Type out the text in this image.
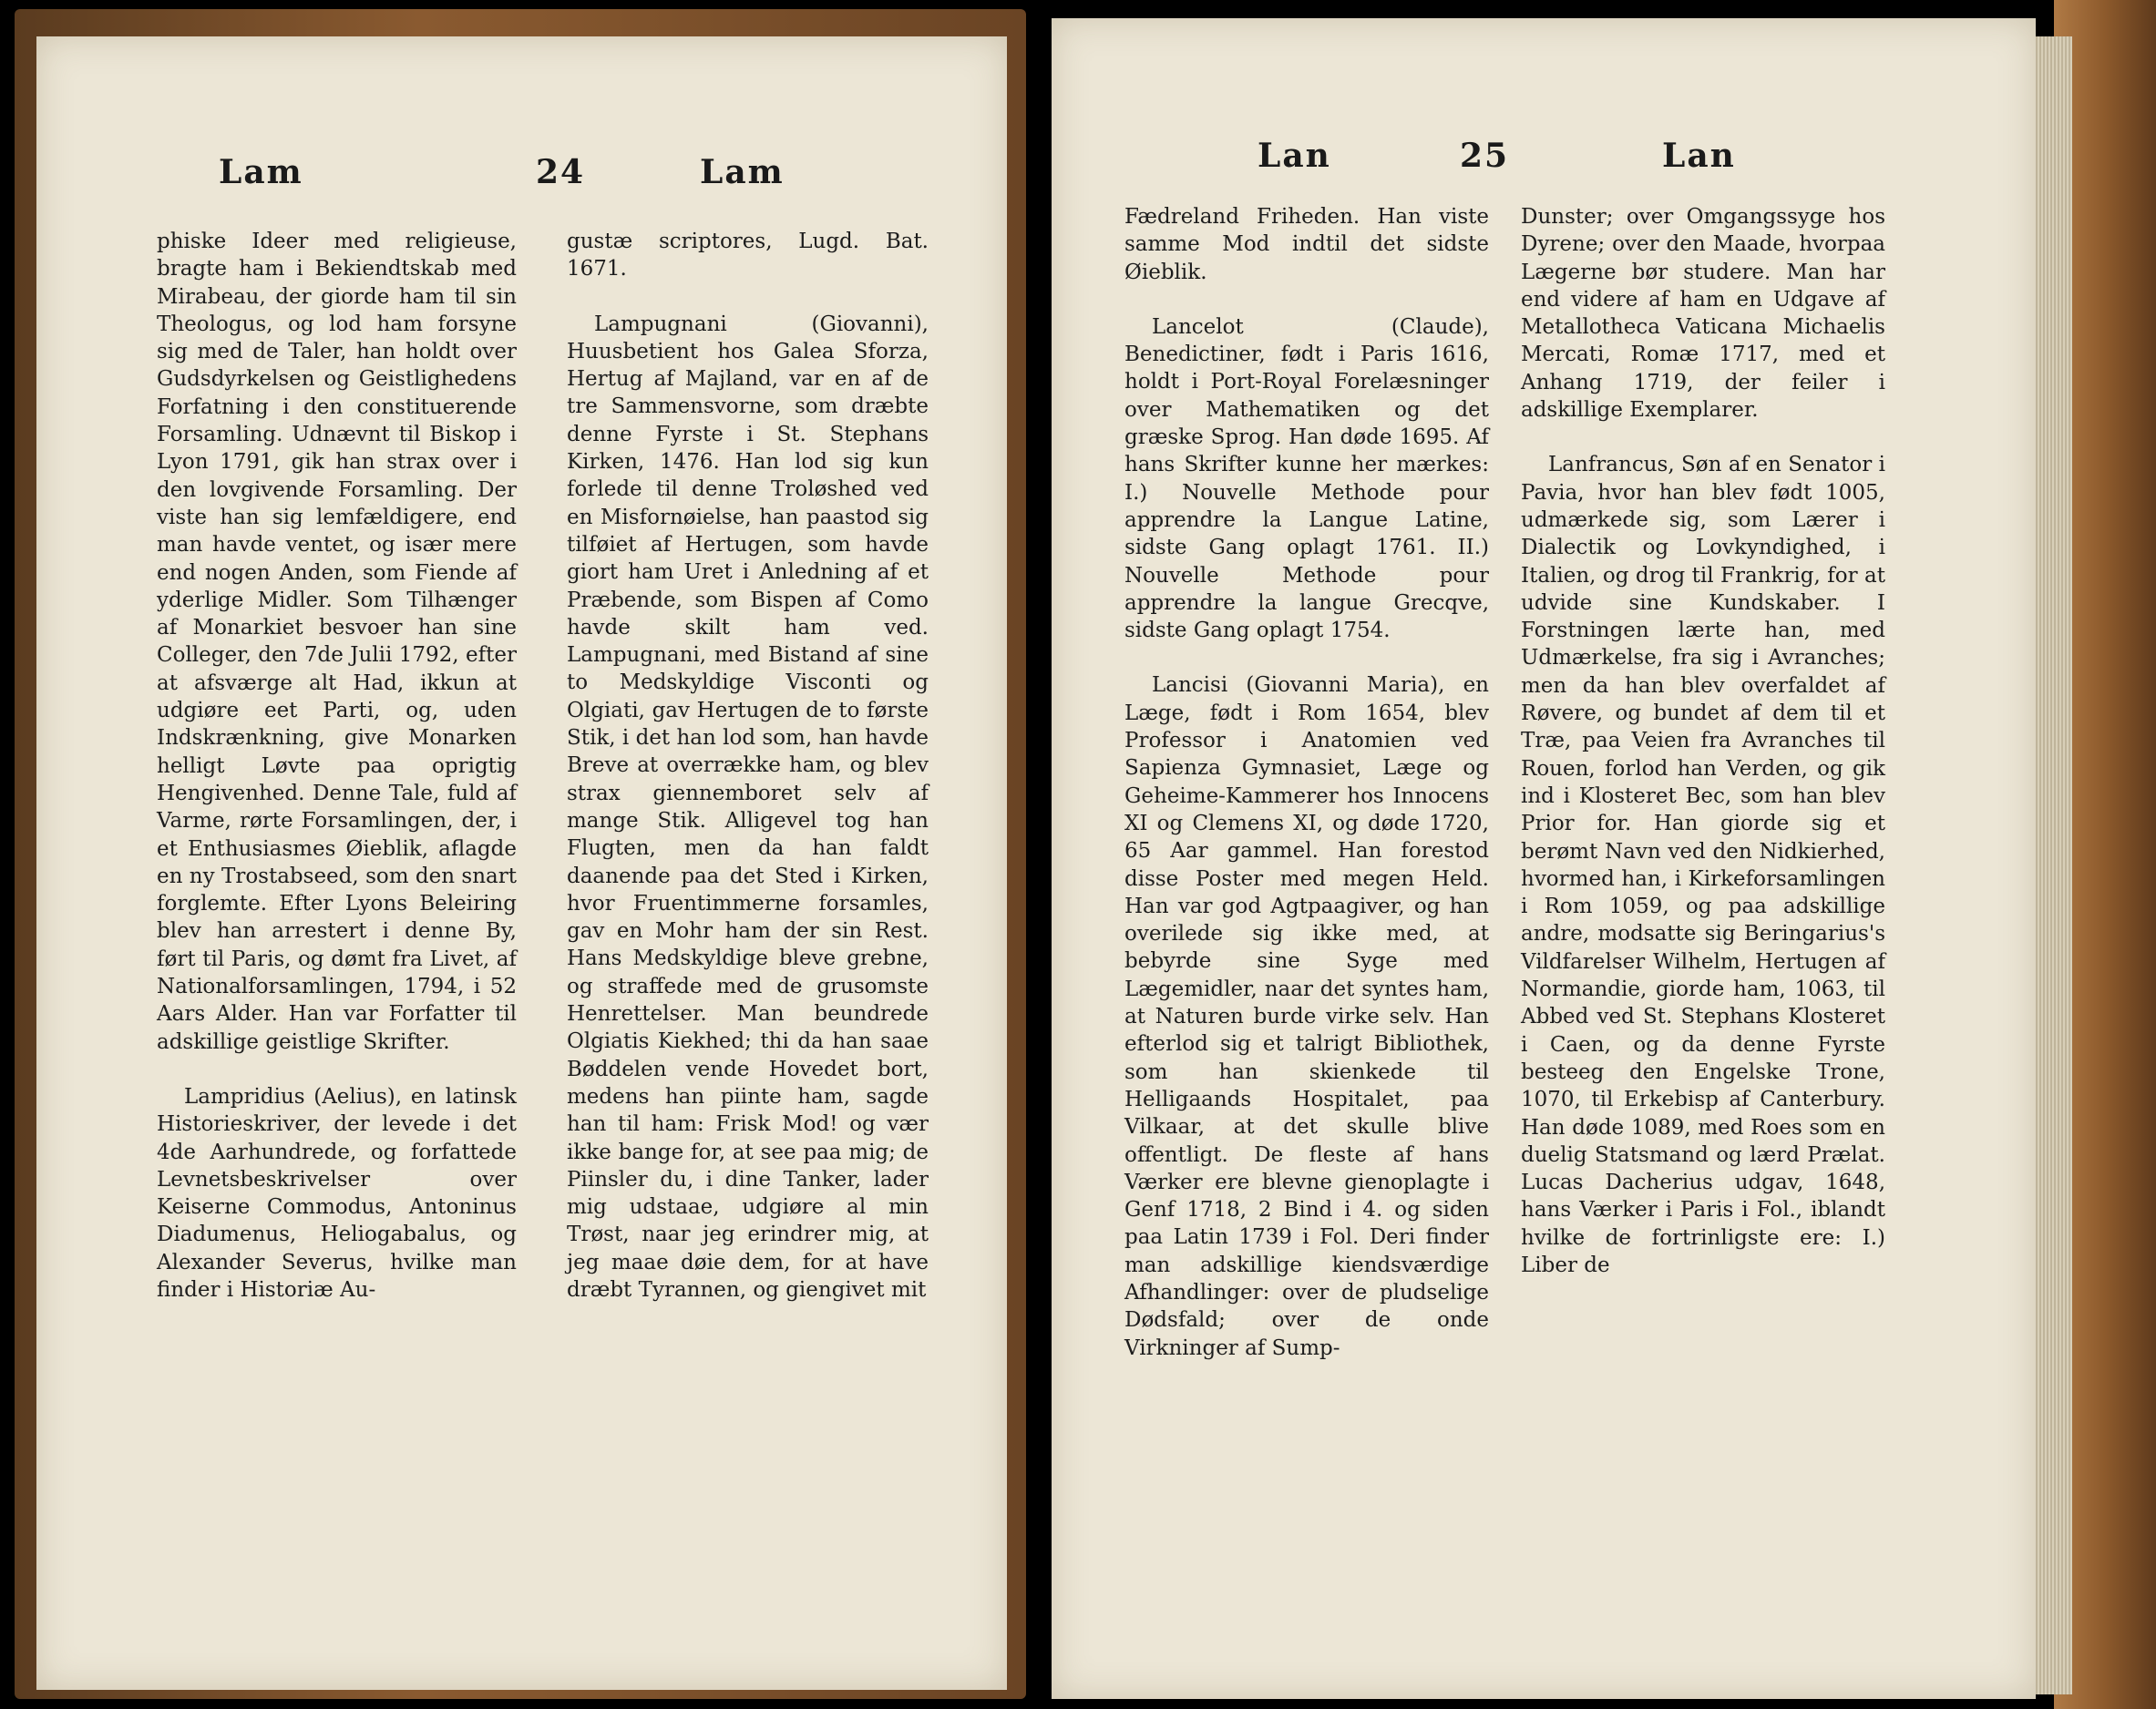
Lam	24	Lam

phiske Ideer med religieuse, bragte ham i Bekiendtskab med Mirabeau, der giorde ham til sin Theologus, og lod ham forsyne sig med de Taler, han holdt over Gudsdyrkelsen og Geistlighedens Forfatning i den constituerende Forsamling. Udnævnt til Biskop i Lyon 1791, gik han strax over i den lovgivende Forsamling. Der viste han sig lemfældigere, end man havde ventet, og især mere end nogen Anden, som Fiende af yderlige Midler. Som Tilhænger af Monarkiet besvoer han sine Colleger, den 7de Julii 1792, efter at afsværge alt Had, ikkun at udgiøre eet Parti, og, uden Indskrænkning, give Monarken helligt Løvte paa oprigtig Hengivenhed. Denne Tale, fuld af Varme, rørte Forsamlingen, der, i et Enthusiasmes Øieblik, aflagde en ny Trostabseed, som den snart forglemte. Efter Lyons Beleiring blev han arrestert i denne By, ført til Paris, og dømt fra Livet, af Nationalforsamlingen, 1794, i 52 Aars Alder. Han var Forfatter til adskillige geistlige Skrifter.

Lampridius (Aelius), en latinsk Historieskriver, der levede i det 4de Aarhundrede, og forfattede Levnetsbeskrivelser over Keiserne Commodus, Antoninus Diadumenus, Heliogabalus, og Alexander Severus, hvilke man finder i Historiæ Au-

gustæ scriptores, Lugd. Bat. 1671.

Lampugnani (Giovanni), Huusbetient hos Galea Sforza, Hertug af Majland, var en af de tre Sammensvorne, som dræbte denne Fyrste i St. Stephans Kirken, 1476. Han lod sig kun forlede til denne Troløshed ved en Misfornøielse, han paastod sig tilføiet af Hertugen, som havde giort ham Uret i Anledning af et Præbende, som Bispen af Como havde skilt ham ved. Lampugnani, med Bistand af sine to Medskyldige Visconti og Olgiati, gav Hertugen de to første Stik, i det han lod som, han havde Breve at overrække ham, og blev strax giennemboret selv af mange Stik. Alligevel tog han Flugten, men da han faldt daanende paa det Sted i Kirken, hvor Fruentimmerne forsamles, gav en Mohr ham der sin Rest. Hans Medskyldige bleve grebne, og straffede med de grusomste Henrettelser. Man beundrede Olgiatis Kiekhed; thi da han saae Bøddelen vende Hovedet bort, medens han piinte ham, sagde han til ham: Frisk Mod! og vær ikke bange for, at see paa mig; de Piinsler du, i dine Tanker, lader mig udstaae, udgiøre al min Trøst, naar jeg erindrer mig, at jeg maae døie dem, for at have dræbt Tyrannen, og giengivet mit

Lan	25	Lan

Fædreland Friheden. Han viste samme Mod indtil det sidste Øieblik.

Lancelot (Claude), Benedictiner, født i Paris 1616, holdt i Port-Royal Forelæsninger over Mathematiken og det græske Sprog. Han døde 1695. Af hans Skrifter kunne her mærkes: I.) Nouvelle Methode pour apprendre la Langue Latine, sidste Gang oplagt 1761. II.) Nouvelle Methode pour apprendre la langue Grecqve, sidste Gang oplagt 1754.

Lancisi (Giovanni Maria), en Læge, født i Rom 1654, blev Professor i Anatomien ved Sapienza Gymnasiet, Læge og Geheime-Kammerer hos Innocens XI og Clemens XI, og døde 1720, 65 Aar gammel. Han forestod disse Poster med megen Held. Han var god Agtpaagiver, og han overilede sig ikke med, at bebyrde sine Syge med Lægemidler, naar det syntes ham, at Naturen burde virke selv. Han efterlod sig et talrigt Bibliothek, som han skienkede til Helligaands Hospitalet, paa Vilkaar, at det skulle blive offentligt. De fleste af hans Værker ere blevne gienoplagte i Genf 1718, 2 Bind i 4. og siden paa Latin 1739 i Fol. Deri finder man adskillige kiendsværdige Afhandlinger: over de pludselige Dødsfald; over de onde Virkninger af Sump-

Dunster; over Omgangssyge hos Dyrene; over den Maade, hvorpaa Lægerne bør studere. Man har end videre af ham en Udgave af Metallotheca Vaticana Michaelis Mercati, Romæ 1717, med et Anhang 1719, der feiler i adskillige Exemplarer.

Lanfrancus, Søn af en Senator i Pavia, hvor han blev født 1005, udmærkede sig, som Lærer i Dialectik og Lovkyndighed, i Italien, og drog til Frankrig, for at udvide sine Kundskaber. I Forstningen lærte han, med Udmærkelse, fra sig i Avranches; men da han blev overfaldet af Røvere, og bundet af dem til et Træ, paa Veien fra Avranches til Rouen, forlod han Verden, og gik ind i Klosteret Bec, som han blev Prior for. Han giorde sig et berømt Navn ved den Nidkierhed, hvormed han, i Kirkeforsamlingen i Rom 1059, og paa adskillige andre, modsatte sig Beringarius's Vildfarelser Wilhelm, Hertugen af Normandie, giorde ham, 1063, til Abbed ved St. Stephans Klosteret i Caen, og da denne Fyrste besteeg den Engelske Trone, 1070, til Erkebisp af Canterbury. Han døde 1089, med Roes som en duelig Statsmand og lærd Prælat. Lucas Dacherius udgav, 1648, hans Værker i Paris i Fol., iblandt hvilke de fortrinligste ere: I.) Liber de
